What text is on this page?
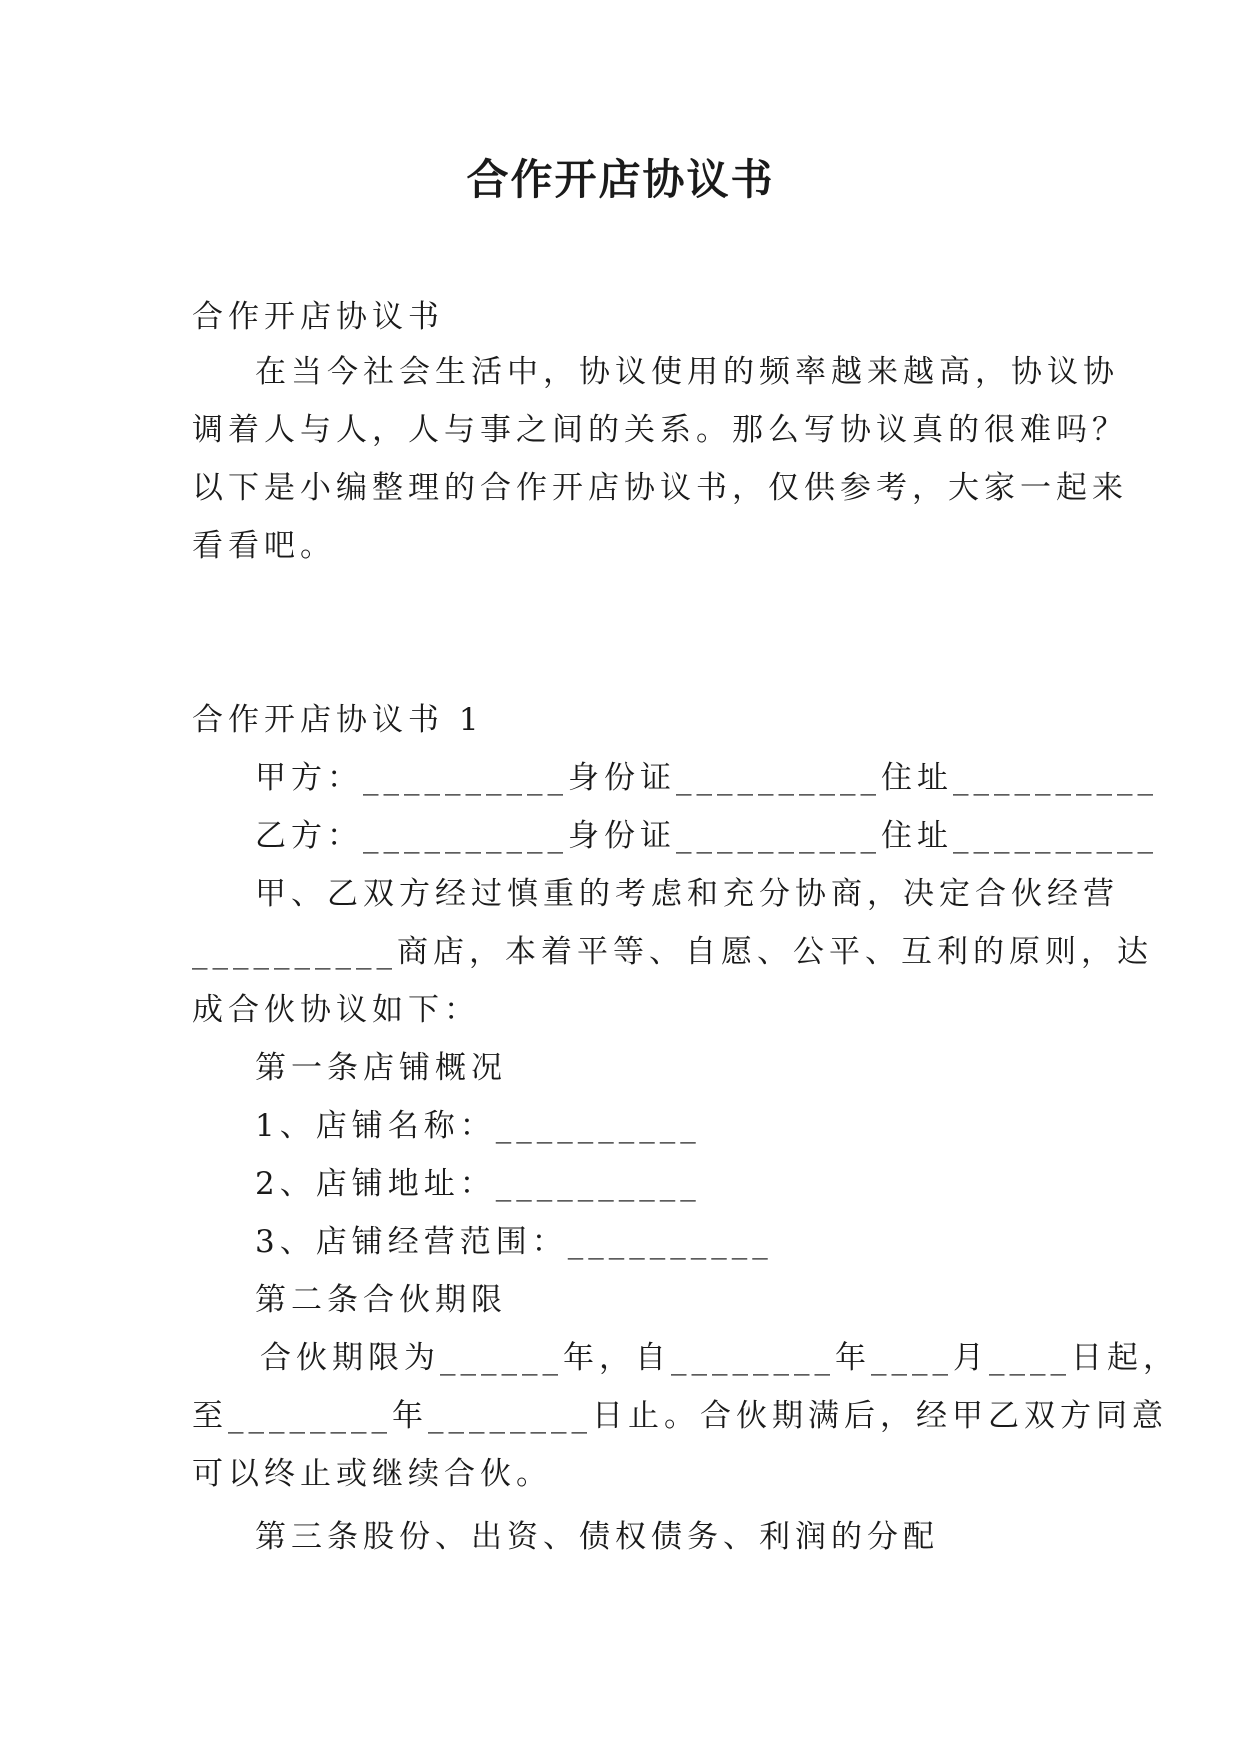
合作开店协议书
合作开店协议书
在当今社会生活中，协议使用的频率越来越高，协议协
调着人与人，人与事之间的关系。那么写协议真的很难吗？
以下是小编整理的合作开店协议书，仅供参考，大家一起来
看看吧。
合作开店协议书 1
甲方：__________身份证__________住址__________
乙方：__________身份证__________住址__________
甲、乙双方经过慎重的考虑和充分协商，决定合伙经营
__________商店，本着平等、自愿、公平、互利的原则，达
成合伙协议如下：
第一条店铺概况
1、店铺名称：__________
2、店铺地址：__________
3、店铺经营范围：__________
第二条合伙期限
合伙期限为______年，自________年____月____日起，
至________年________日止。合伙期满后，经甲乙双方同意
可以终止或继续合伙。
第三条股份、出资、债权债务、利润的分配
